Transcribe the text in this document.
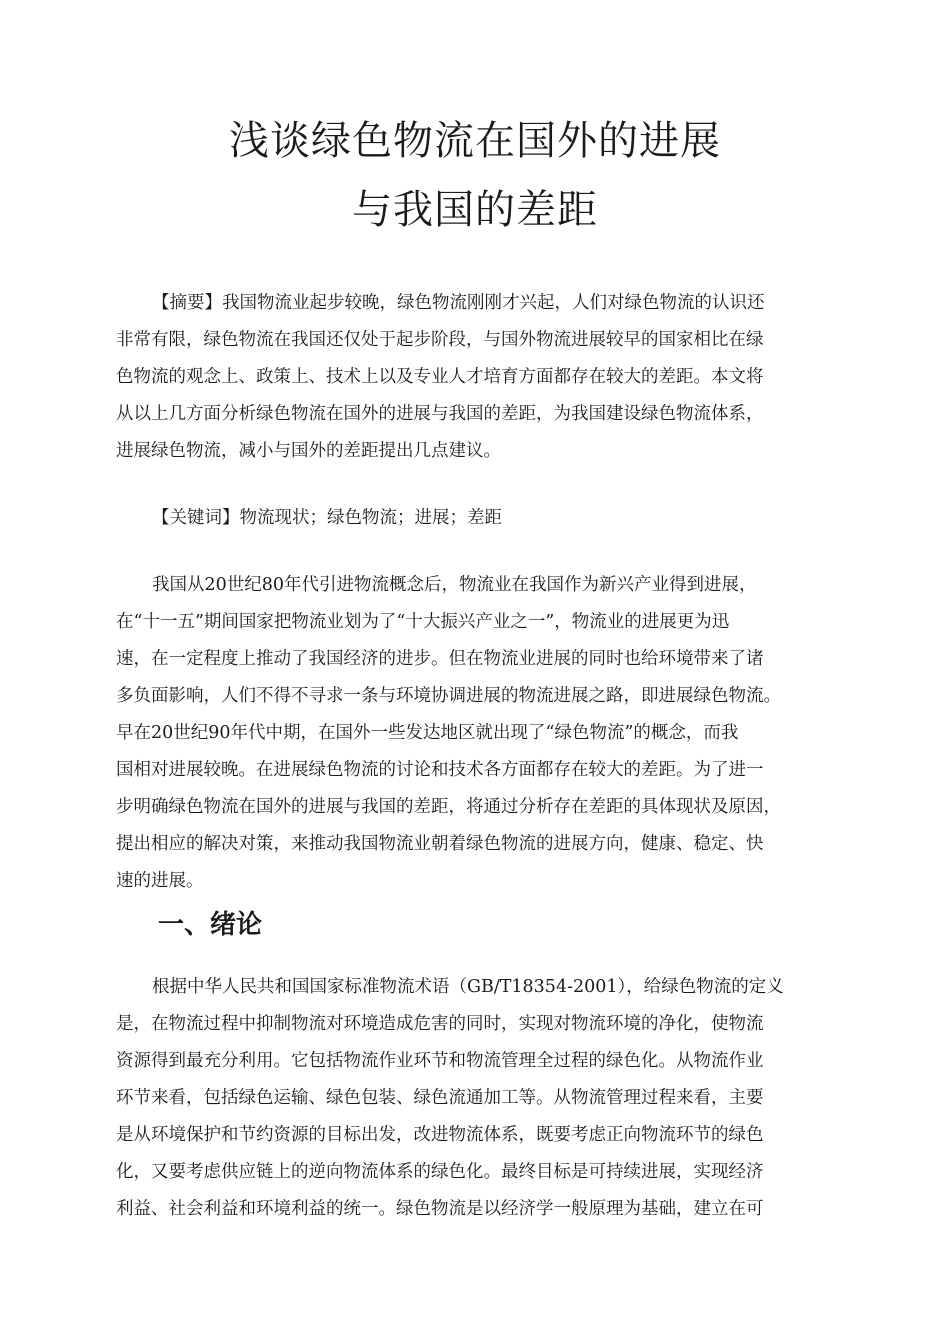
浅谈绿色物流在国外的进展
与我国的差距
【摘要】我国物流业起步较晚，绿色物流刚刚才兴起，人们对绿色物流的认识还
非常有限，绿色物流在我国还仅处于起步阶段，与国外物流进展较早的国家相比在绿
色物流的观念上、政策上、技术上以及专业人才培育方面都存在较大的差距。本文将
从以上几方面分析绿色物流在国外的进展与我国的差距，为我国建设绿色物流体系，
进展绿色物流，减小与国外的差距提出几点建议。
【关键词】物流现状；绿色物流；进展；差距
我国从20世纪80年代引进物流概念后，物流业在我国作为新兴产业得到进展，
在“十一五”期间国家把物流业划为了“十大振兴产业之一”，物流业的进展更为迅
速，在一定程度上推动了我国经济的进步。但在物流业进展的同时也给环境带来了诸
多负面影响，人们不得不寻求一条与环境协调进展的物流进展之路，即进展绿色物流。
早在20世纪90年代中期，在国外一些发达地区就出现了“绿色物流”的概念，而我
国相对进展较晚。在进展绿色物流的讨论和技术各方面都存在较大的差距。为了进一
步明确绿色物流在国外的进展与我国的差距，将通过分析存在差距的具体现状及原因，
提出相应的解决对策，来推动我国物流业朝着绿色物流的进展方向，健康、稳定、快
速的进展。
一、绪论
根据中华人民共和国国家标准物流术语（GB/T18354-2001），给绿色物流的定义
是，在物流过程中抑制物流对环境造成危害的同时，实现对物流环境的净化，使物流
资源得到最充分利用。它包括物流作业环节和物流管理全过程的绿色化。从物流作业
环节来看，包括绿色运输、绿色包装、绿色流通加工等。从物流管理过程来看，主要
是从环境保护和节约资源的目标出发，改进物流体系，既要考虑正向物流环节的绿色
化，又要考虑供应链上的逆向物流体系的绿色化。最终目标是可持续进展，实现经济
利益、社会利益和环境利益的统一。绿色物流是以经济学一般原理为基础，建立在可
